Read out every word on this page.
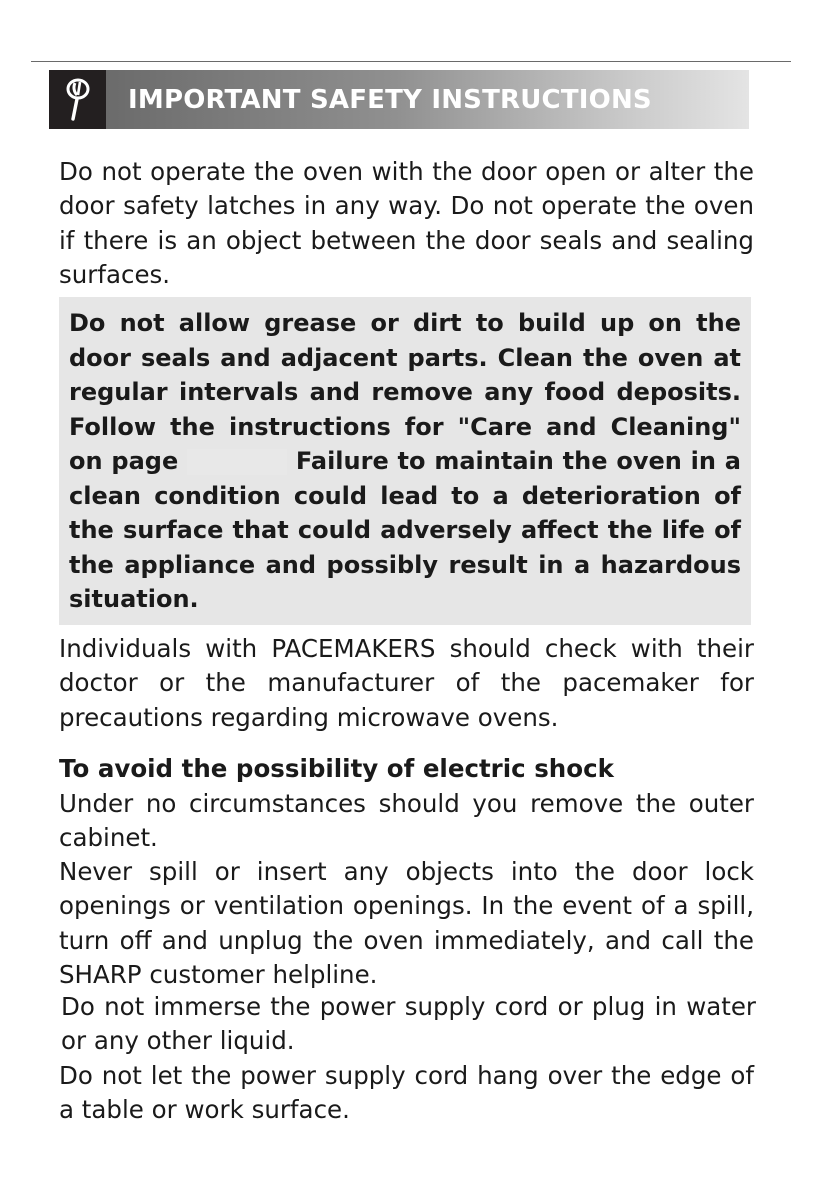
IMPORTANT SAFETY INSTRUCTIONS

Do not operate the oven with the door open or alter the door safety latches in any way. Do not operate the oven if there is an object between the door seals and sealing surfaces.

Do not allow grease or dirt to build up on the door seals and adjacent parts. Clean the oven at regular intervals and remove any food deposits. Follow the instructions for "Care and Cleaning" on page	Failure to maintain the oven in a clean condition could lead to a deterioration of the surface that could adversely affect the life of the appliance and possibly result in a hazardous situation.

Individuals with PACEMAKERS should check with their doctor or the manufacturer of the pacemaker for precautions regarding microwave ovens.

To avoid the possibility of electric shock

Under no circumstances should you remove the outer cabinet.

Never spill or insert any objects into the door lock openings or ventilation openings. In the event of a spill, turn off and unplug the oven immediately, and call the SHARP customer helpline.

Do not immerse the power supply cord or plug in water or any other liquid.

Do not let the power supply cord hang over the edge of a table or work surface.
